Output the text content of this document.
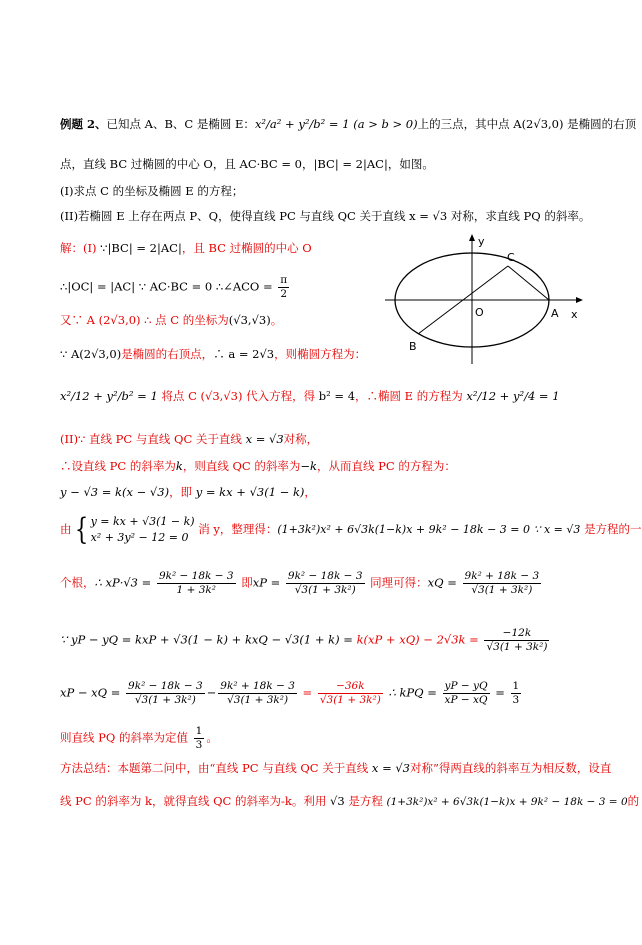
例题 2、已知点 A、B、C 是椭圆 E：x²/a² + y²/b² = 1 (a > b > 0)上的三点，其中点 A(2√3,0) 是椭圆的右顶
点，直线 BC 过椭圆的中心 O，且 AC·BC = 0，|BC| = 2|AC|，如图。
(I)求点 C 的坐标及椭圆 E 的方程；
(II)若椭圆 E 上存在两点 P、Q，使得直线 PC 与直线 QC 关于直线 x = √3 对称，求直线 PQ 的斜率。
解：(I) ∵|BC| = 2|AC|，且 BC 过椭圆的中心 O
∴|OC| = |AC| ∵ AC·BC = 0 ∴∠ACO = $\frac{\pi}{2}$
又∵ A (2√3,0) ∴ 点 C 的坐标为(√3,√3)。
∵ A(2√3,0)是椭圆的右顶点，∴ a = 2√3，则椭圆方程为：
x²/12 + y²/b² = 1 将点 C (√3,√3) 代入方程，得 b² = 4，∴椭圆 E 的方程为 x²/12 + y²/4 = 1
(II)∵ 直线 PC 与直线 QC 关于直线 x = √3对称，
∴设直线 PC 的斜率为k，则直线 QC 的斜率为−k，从而直线 PC 的方程为：
y − √3 = k(x − √3)，即 y = kx + √3(1 − k)，
由{ y = kx + √3(1 − k)
x² + 3y² − 12 = 0
消 y，整理得：(1+3k²)x² + 6√3k(1−k)x + 9k² − 18k − 3 = 0 ∵ x = √3 是方程的一
个根，∴ $xP\cdot√3 = \frac{\text{9k² − 18k − 3}}{\text{1 + 3k²}}$ 即xP = $\frac{\text{9k² − 18k − 3}}{\text{√3(1 + 3k²)}}$ 同理可得：xQ = $\frac{\text{9k² + 18k − 3}}{\text{√3(1 + 3k²)}}$
∵ yP − yQ = kxP + √3(1 − k) + kxQ − $√3(1 + k) = k(xP + xQ) - 2√3k = \frac{-12k}{\text{√3(1 + 3k²)}}$
xP − xQ = $\frac{\text{9k² − 18k − 3}}{\text{√3(1 + 3k²)}} - \frac{\text{9k² + 18k − 3}}{\text{√3(1 + 3k²)}} = \frac{-36k}{\text{√3(1 + 3k²)}}$ ∴ kPQ = $\frac{yP - yQ}{xP - xQ} = \frac{1}{3}$
则直线 PQ 的斜率为定值 $\frac{1}{3}$ 。
方法总结：本题第二问中，由“直线 PC 与直线 QC 关于直线 x = √3对称”得两直线的斜率互为相反数，设直
线 PC 的斜率为 k，就得直线 QC 的斜率为-k。利用 √3 是方程 (1+3k²)x² + 6√3k(1−k)x + 9k² − 18k − 3 = 0的
y
x
O	A
B
C
